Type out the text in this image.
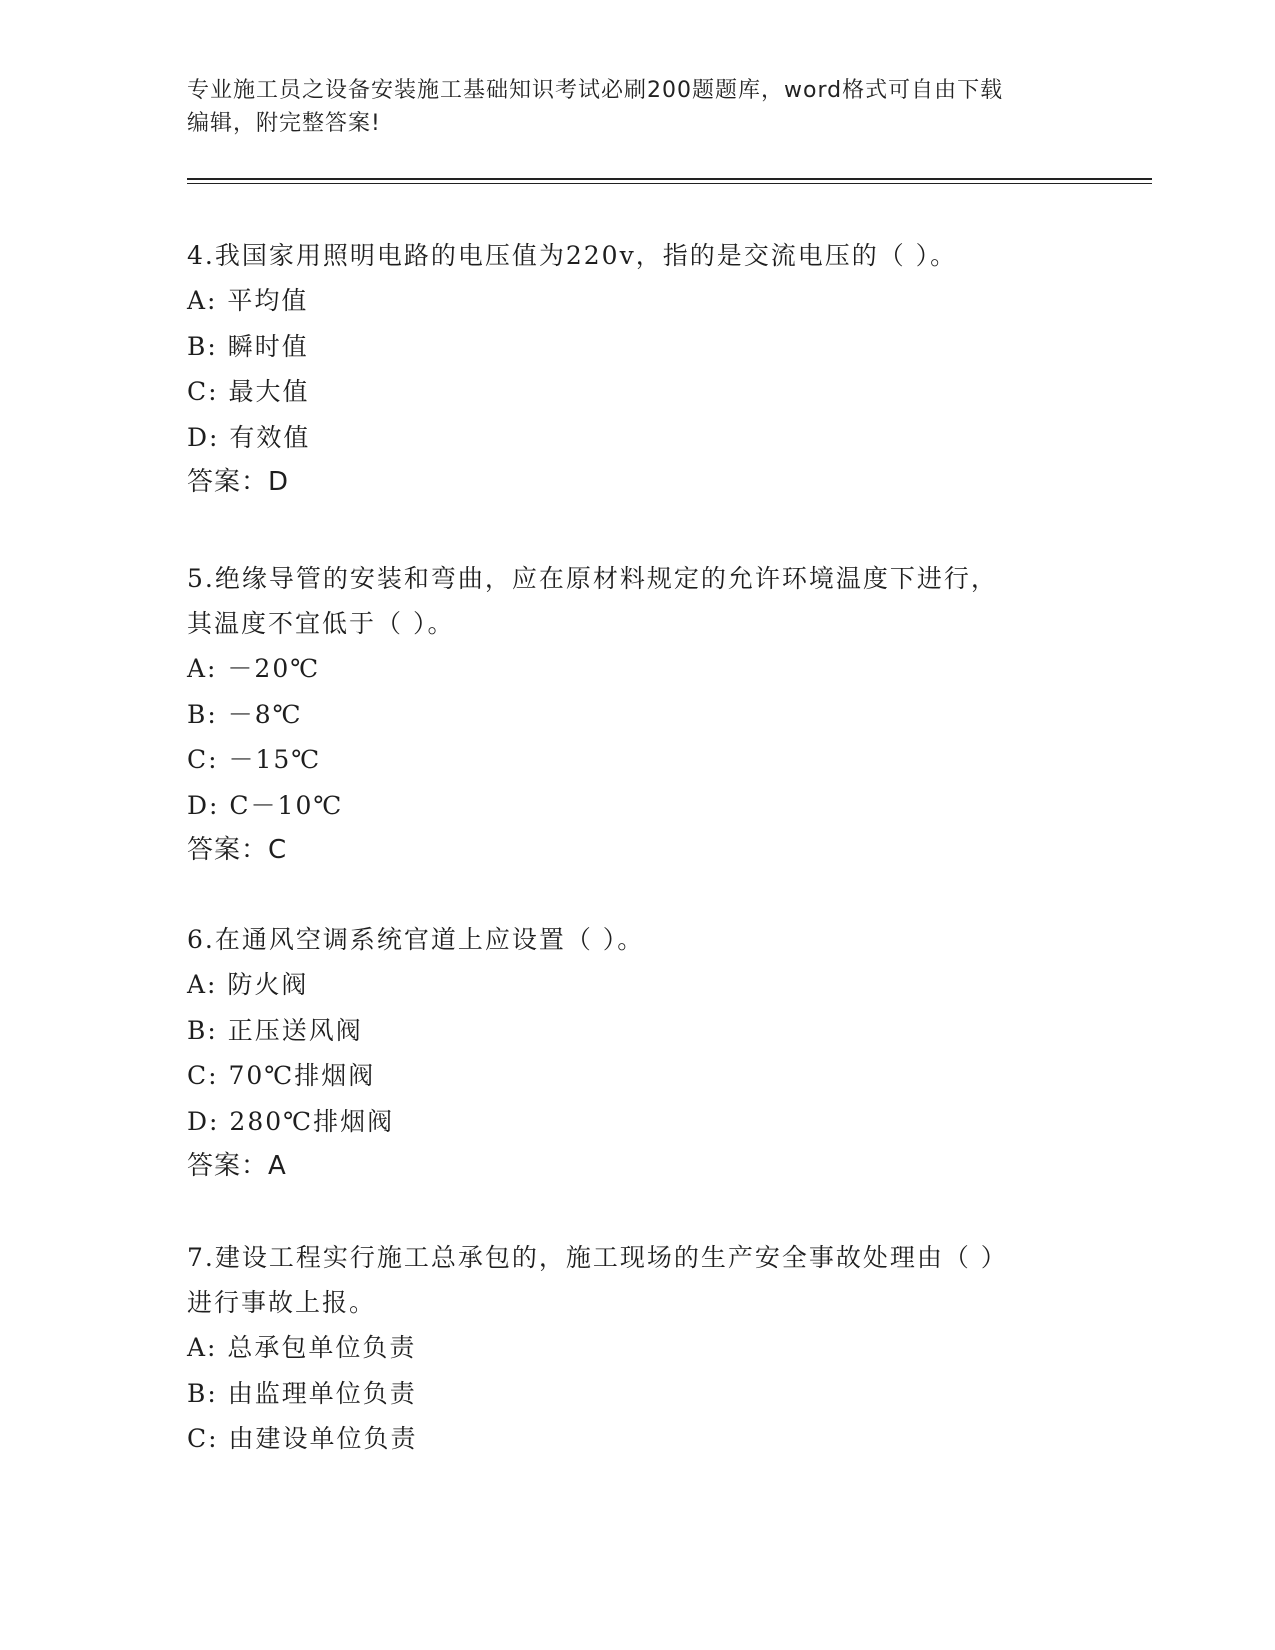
专业施工员之设备安装施工基础知识考试必刷200题题库，word格式可自由下载
编辑，附完整答案!

4.我国家用照明电路的电压值为220v，指的是交流电压的（ ）。

A: 平均值

B: 瞬时值

C: 最大值

D: 有效值

答案：D

5.绝缘导管的安装和弯曲，应在原材料规定的允许环境温度下进行，

其温度不宜低于（ ）。

A: －20℃

B: －8℃

C: －15℃

D: C－10℃

答案：C

6.在通风空调系统官道上应设置（ ）。

A: 防火阀

B: 正压送风阀

C: 70℃排烟阀

D: 280℃排烟阀

答案：A

7.建设工程实行施工总承包的，施工现场的生产安全事故处理由（ ）

进行事故上报。

A: 总承包单位负责

B: 由监理单位负责

C: 由建设单位负责
